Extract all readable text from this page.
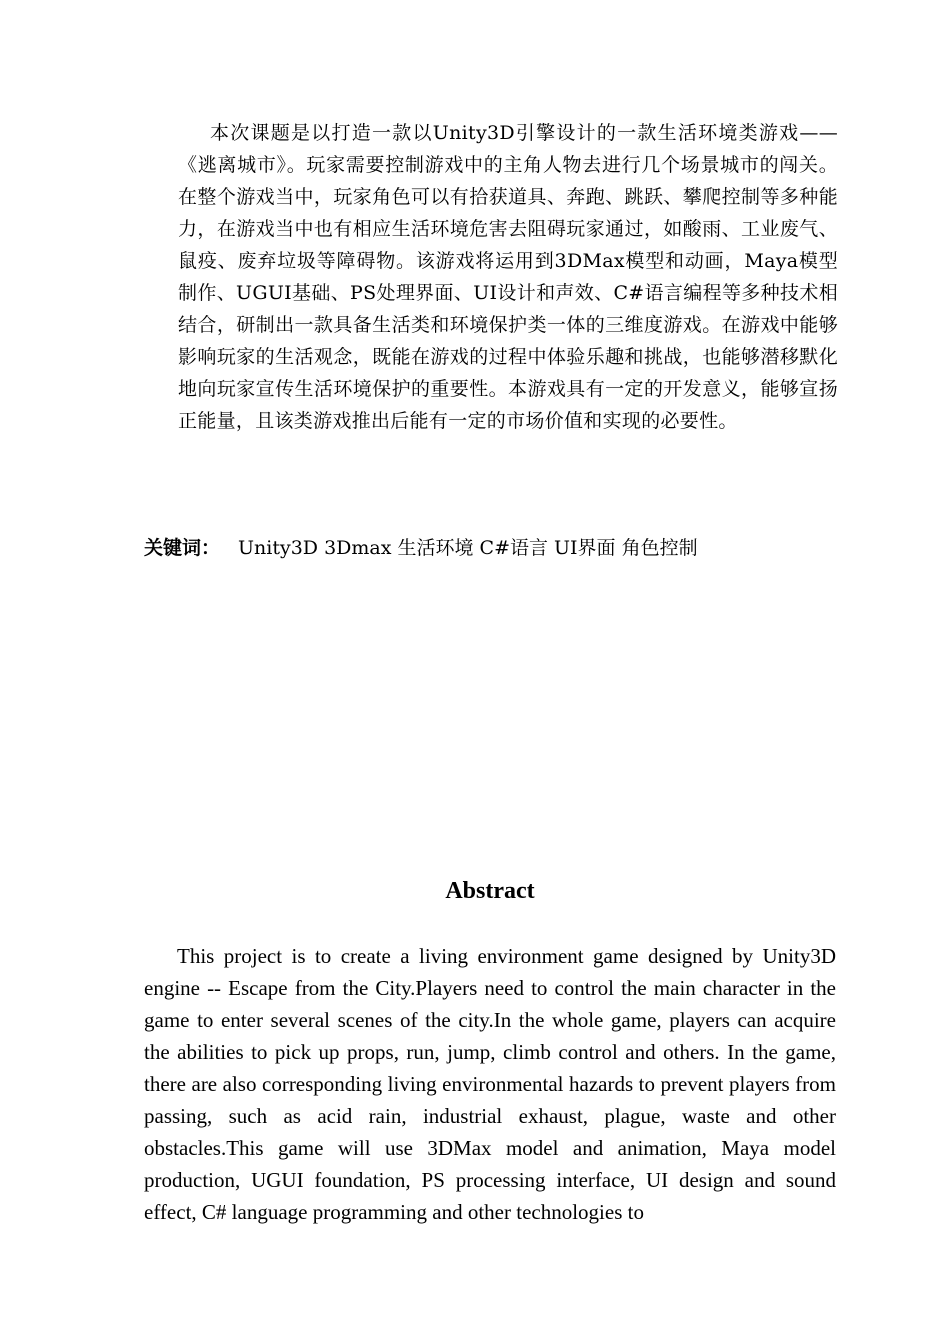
本次课题是以打造一款以Unity3D引擎设计的一款生活环境类游戏——《逃离城市》。玩家需要控制游戏中的主角人物去进行几个场景城市的闯关。在整个游戏当中，玩家角色可以有拾获道具、奔跑、跳跃、攀爬控制等多种能力，在游戏当中也有相应生活环境危害去阻碍玩家通过，如酸雨、工业废气、鼠疫、废弃垃圾等障碍物。该游戏将运用到3DMax模型和动画，Maya模型制作、UGUI基础、PS处理界面、UI设计和声效、C#语言编程等多种技术相结合，研制出一款具备生活类和环境保护类一体的三维度游戏。在游戏中能够影响玩家的生活观念，既能在游戏的过程中体验乐趣和挑战，也能够潜移默化地向玩家宣传生活环境保护的重要性。本游戏具有一定的开发意义，能够宣扬正能量，且该类游戏推出后能有一定的市场价值和实现的必要性。

关键词： Unity3D 3Dmax 生活环境 C#语言 UI界面 角色控制

Abstract

This project is to create a living environment game designed by Unity3D engine -- Escape from the City.Players need to control the main character in the game to enter several scenes of the city.In the whole game, players can acquire the abilities to pick up props, run, jump, climb control and others. In the game, there are also corresponding living environmental hazards to prevent players from passing, such as acid rain, industrial exhaust, plague, waste and other obstacles.This game will use 3DMax model and animation, Maya model production, UGUI foundation, PS processing interface, UI design and sound effect, C# language programming and other technologies to
